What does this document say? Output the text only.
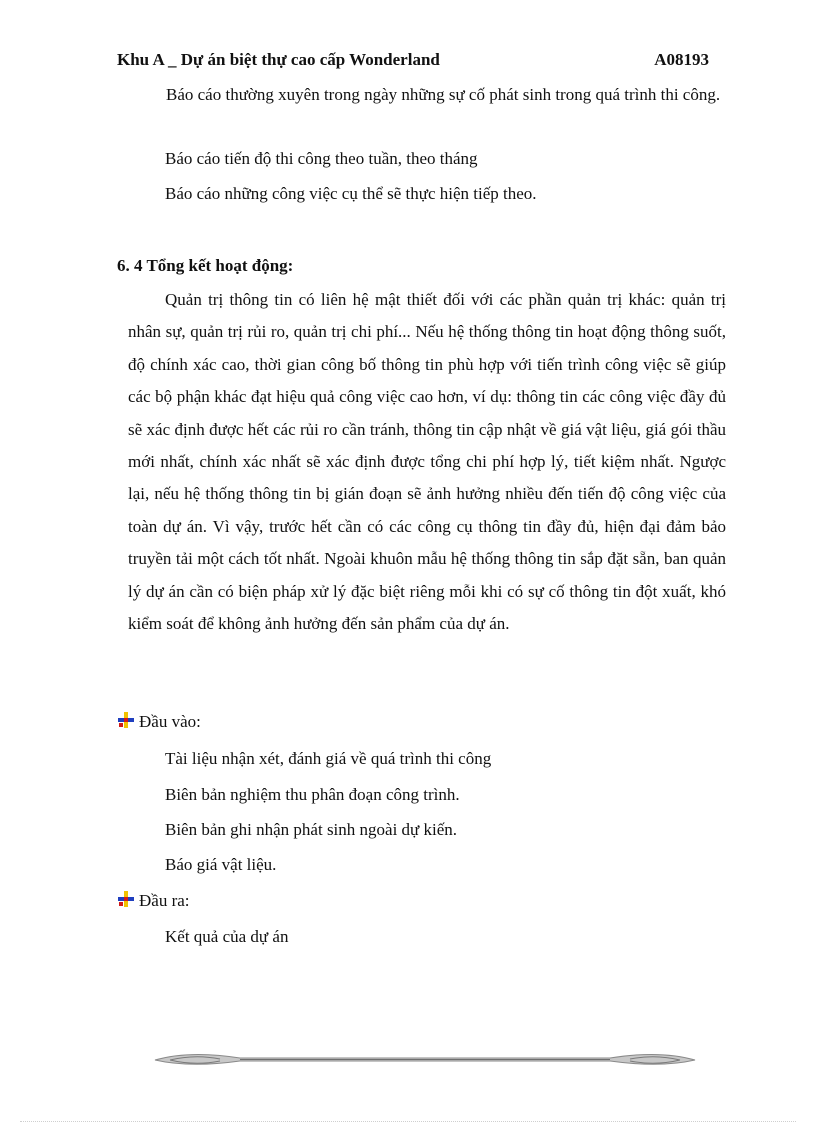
Khu A _ Dự án biệt thự cao cấp Wonderland	A08193
Báo cáo thường xuyên trong ngày những sự cố phát sinh trong quá trình thi công.
Báo cáo tiến độ thi công theo tuần, theo tháng
Báo cáo những công việc cụ thể sẽ thực hiện tiếp theo.
6. 4 Tổng kết hoạt động:
Quản trị thông tin có liên hệ mật thiết đối với các phần quản trị khác: quản trị nhân sự, quản trị rủi ro, quản trị chi phí... Nếu hệ thống thông tin hoạt động thông suốt, độ chính xác cao, thời gian công bố thông tin phù hợp với tiến trình công việc sẽ giúp các bộ phận khác đạt hiệu quả công việc cao hơn, ví dụ: thông tin các công việc đầy đủ sẽ xác định được hết các rủi ro cần tránh, thông tin cập nhật về giá vật liệu, giá gói thầu mới nhất, chính xác nhất sẽ xác định được tổng chi phí hợp lý, tiết kiệm nhất. Ngược lại, nếu hệ thống thông tin bị gián đoạn sẽ ảnh hưởng nhiều đến tiến độ công việc của toàn dự án. Vì vậy, trước hết cần có các công cụ thông tin đầy đủ, hiện đại đảm bảo truyền tải một cách tốt nhất. Ngoài khuôn mẫu hệ thống thông tin sắp đặt sẵn, ban quản lý dự án cần có biện pháp xử lý đặc biệt riêng mỗi khi có sự cố thông tin đột xuất, khó kiểm soát để không ảnh hưởng đến sản phẩm của dự án.
Đầu vào:
Tài liệu nhận xét, đánh giá về quá trình thi công
Biên bản nghiệm thu phân đoạn công trình.
Biên bản ghi nhận phát sinh ngoài dự kiến.
Báo giá vật liệu.
Đầu ra:
Kết quả của dự án
